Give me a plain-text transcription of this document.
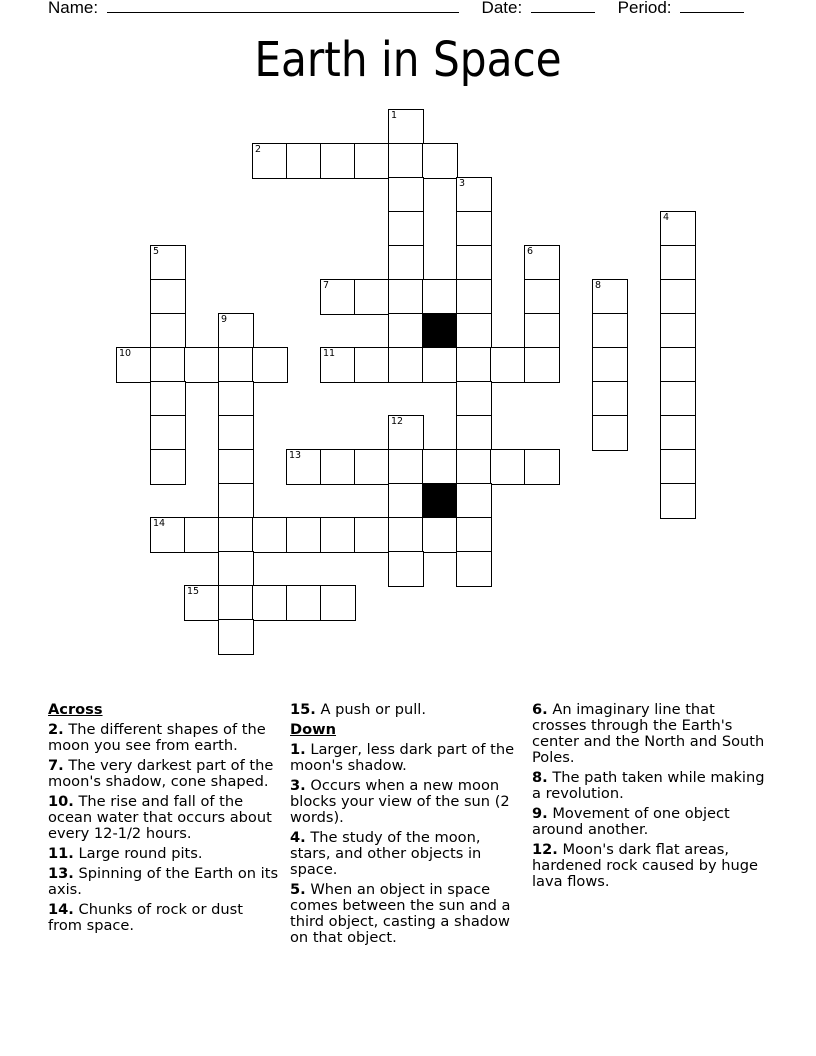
Name:	Date:	Period:
Earth in Space
1
2
3
4
5	6
7	8
9
10	11
12
13
14
15
Across
2. The different shapes of the moon you see from earth.
7. The very darkest part of the moon's shadow, cone shaped.
10. The rise and fall of the ocean water that occurs about every 12-1/2 hours.
11. Large round pits.
13. Spinning of the Earth on its axis.
14. Chunks of rock or dust from space.
15. A push or pull.
Down
1. Larger, less dark part of the moon's shadow.
3. Occurs when a new moon blocks your view of the sun (2 words).
4. The study of the moon, stars, and other objects in space.
5. When an object in space comes between the sun and a third object, casting a shadow on that object.
6. An imaginary line that crosses through the Earth's center and the North and South Poles.
8. The path taken while making a revolution.
9. Movement of one object around another.
12. Moon's dark flat areas, hardened rock caused by huge lava flows.
